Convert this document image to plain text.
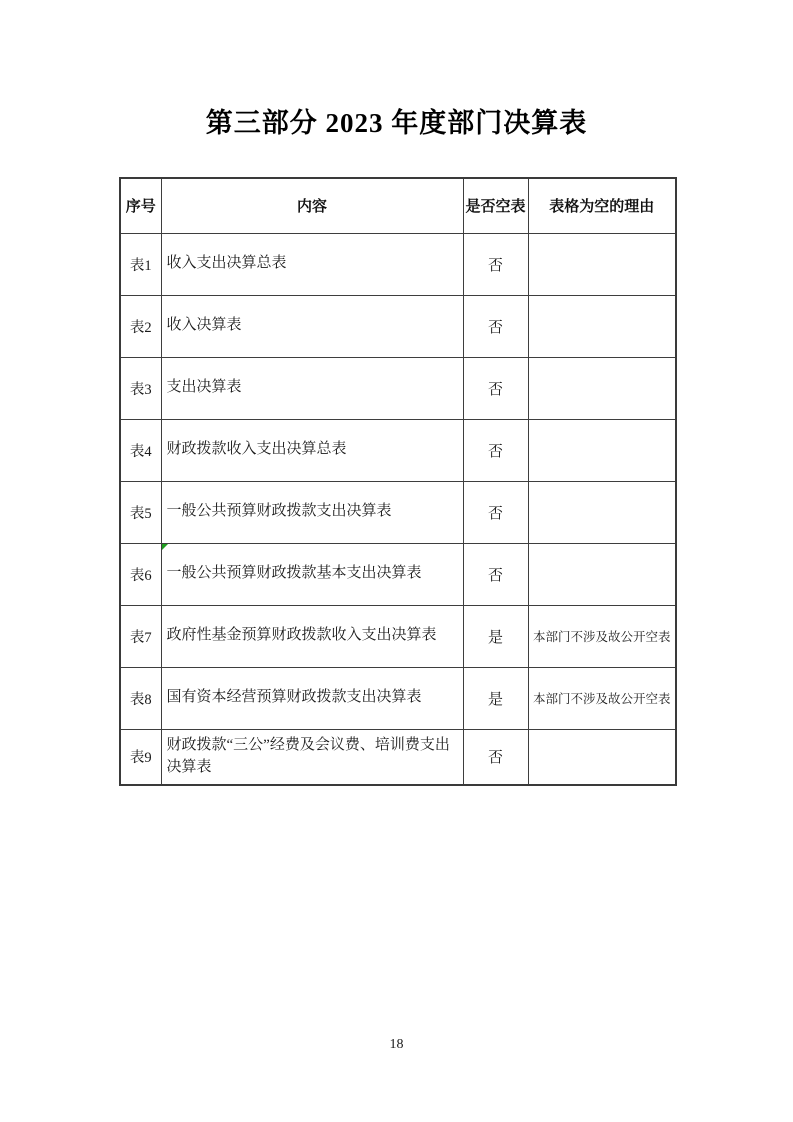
第三部分 2023 年度部门决算表
序号	内容	是否空表	表格为空的理由
表1	收入支出决算总表	否	
表2	收入决算表	否	
表3	支出决算表	否	
表4	财政拨款收入支出决算总表	否	
表5	一般公共预算财政拨款支出决算表	否	
表6	一般公共预算财政拨款基本支出决算表	否	
表7	政府性基金预算财政拨款收入支出决算表	是	本部门不涉及故公开空表
表8	国有资本经营预算财政拨款支出决算表	是	本部门不涉及故公开空表
表9	财政拨款“三公”经费及会议费、培训费支出决算表	否	
18
